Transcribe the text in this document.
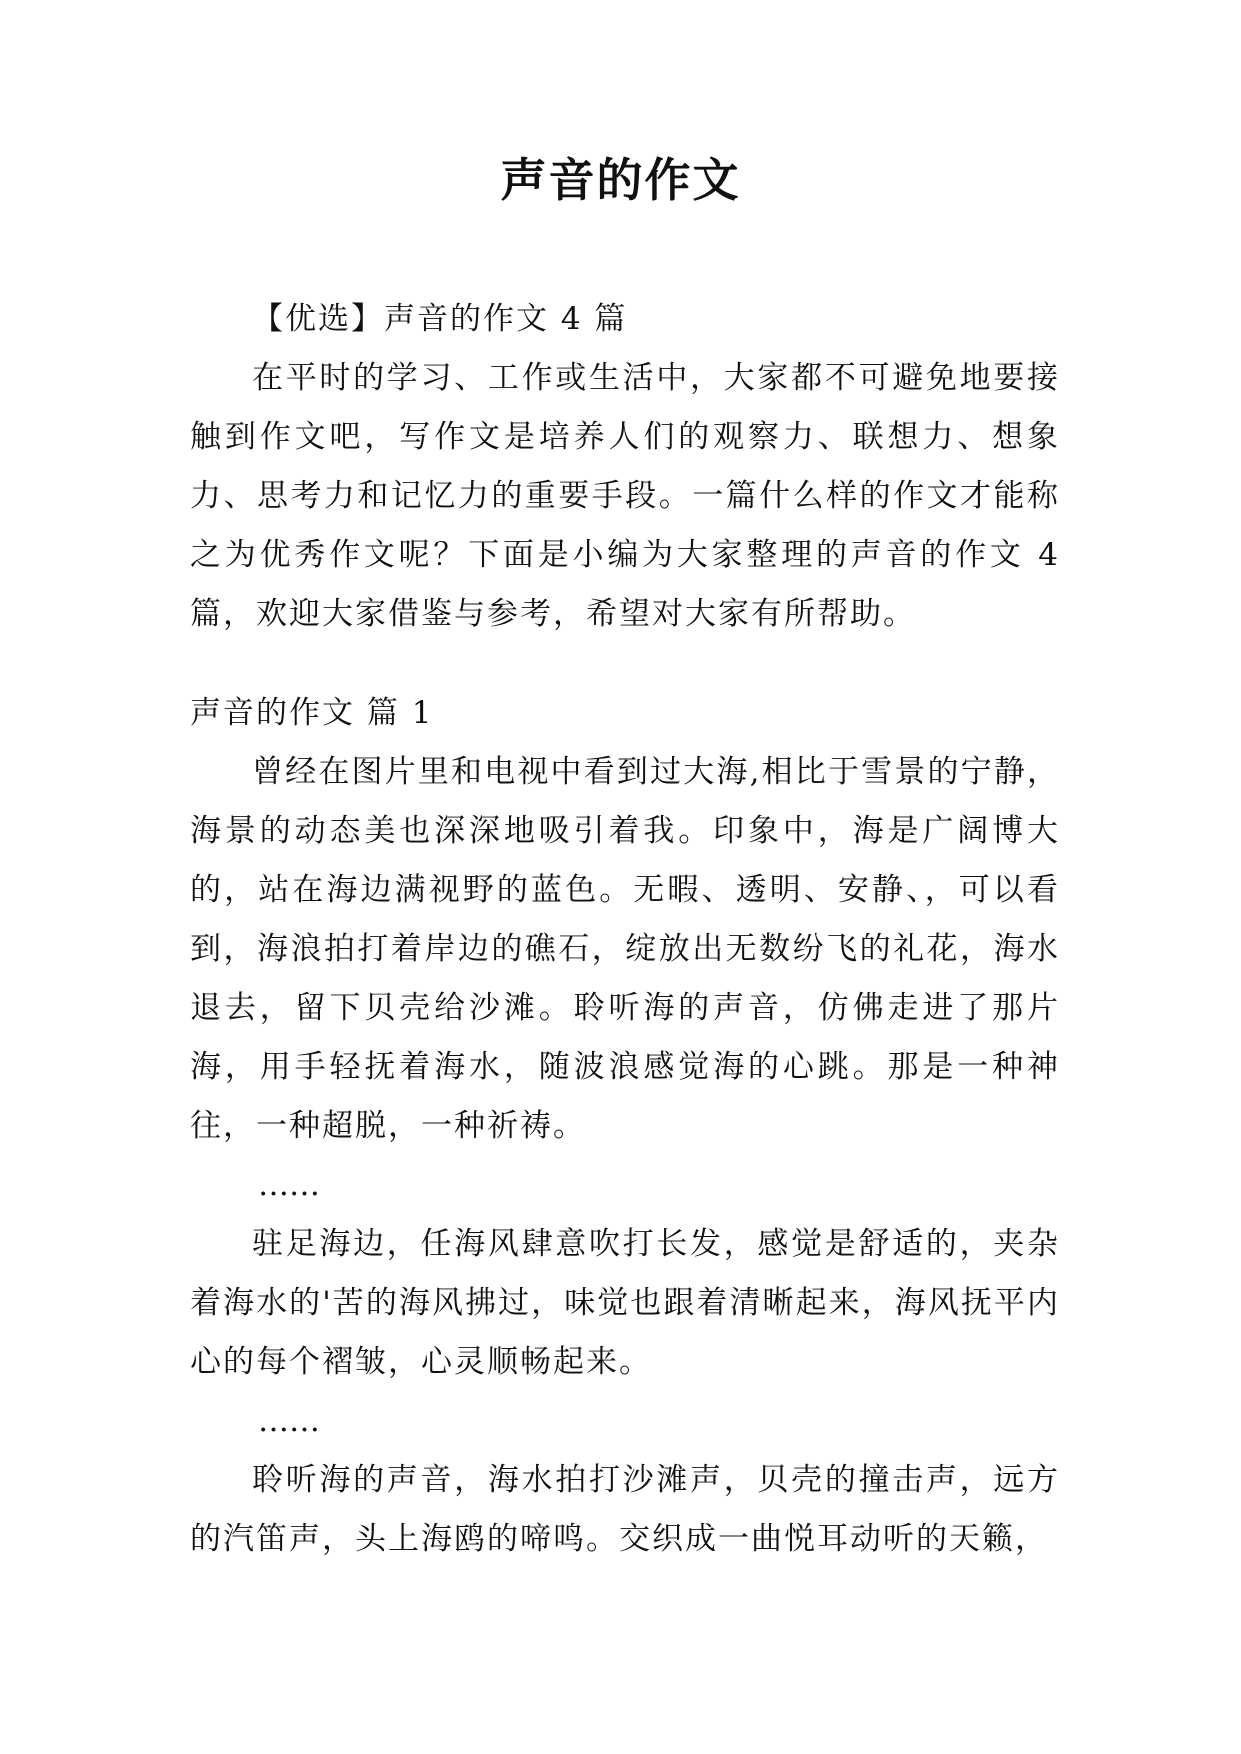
声音的作文

【优选】声音的作文 4 篇

在平时的学习、工作或生活中，大家都不可避免地要接触到作文吧，写作文是培养人们的观察力、联想力、想象力、思考力和记忆力的重要手段。一篇什么样的作文才能称之为优秀作文呢？下面是小编为大家整理的声音的作文 4 篇，欢迎大家借鉴与参考，希望对大家有所帮助。

声音的作文 篇 1

曾经在图片里和电视中看到过大海,相比于雪景的宁静，海景的动态美也深深地吸引着我。印象中，海是广阔博大的，站在海边满视野的蓝色。无暇、透明、安静、，可以看到，海浪拍打着岸边的礁石，绽放出无数纷飞的礼花，海水退去，留下贝壳给沙滩。聆听海的声音，仿佛走进了那片海，用手轻抚着海水，随波浪感觉海的心跳。那是一种神往，一种超脱，一种祈祷。

……

驻足海边，任海风肆意吹打长发，感觉是舒适的，夹杂着海水的'苦的海风拂过，味觉也跟着清晰起来，海风抚平内心的每个褶皱，心灵顺畅起来。

……

聆听海的声音，海水拍打沙滩声，贝壳的撞击声，远方的汽笛声，头上海鸥的啼鸣。交织成一曲悦耳动听的天籁，
